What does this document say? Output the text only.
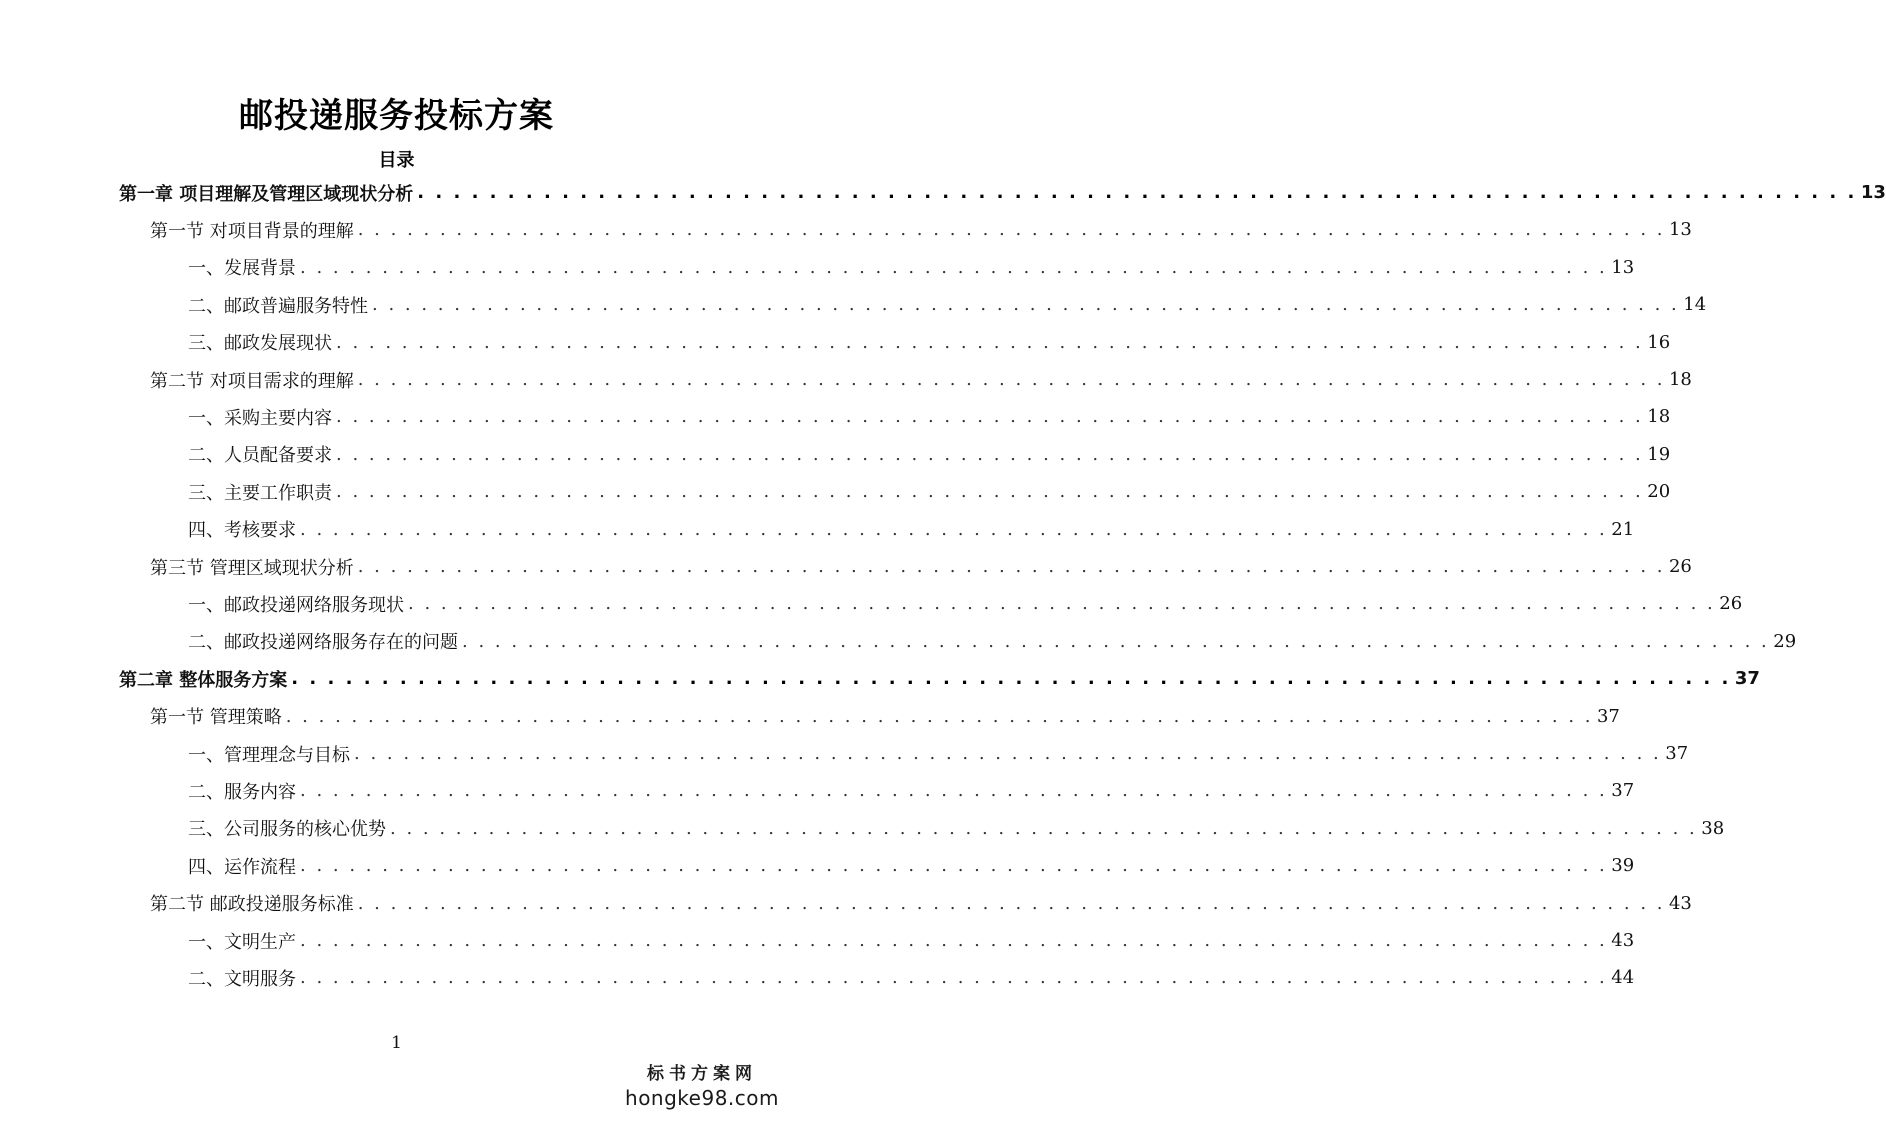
邮投递服务投标方案
目录
第一章 项目理解及管理区域现状分析 . . . . . . . . . . . . . . . . . . . . . . . . . . . . . . . . . . . . . . . . . . . . . . . . . . . . . . . . . . . . . . . . . . . . . . . . . . . . . . . . 13
第一节 对项目背景的理解 . . . . . . . . . . . . . . . . . . . . . . . . . . . . . . . . . . . . . . . . . . . . . . . . . . . . . . . . . . . . . . . . . . . . . . . . . . . . . . . . 13
一、发展背景 . . . . . . . . . . . . . . . . . . . . . . . . . . . . . . . . . . . . . . . . . . . . . . . . . . . . . . . . . . . . . . . . . . . . . . . . . . . . . . . . 13
二、邮政普遍服务特性 . . . . . . . . . . . . . . . . . . . . . . . . . . . . . . . . . . . . . . . . . . . . . . . . . . . . . . . . . . . . . . . . . . . . . . . . . . . . . . . . 14
三、邮政发展现状 . . . . . . . . . . . . . . . . . . . . . . . . . . . . . . . . . . . . . . . . . . . . . . . . . . . . . . . . . . . . . . . . . . . . . . . . . . . . . . . . 16
第二节 对项目需求的理解 . . . . . . . . . . . . . . . . . . . . . . . . . . . . . . . . . . . . . . . . . . . . . . . . . . . . . . . . . . . . . . . . . . . . . . . . . . . . . . . . 18
一、采购主要内容 . . . . . . . . . . . . . . . . . . . . . . . . . . . . . . . . . . . . . . . . . . . . . . . . . . . . . . . . . . . . . . . . . . . . . . . . . . . . . . . . 18
二、人员配备要求 . . . . . . . . . . . . . . . . . . . . . . . . . . . . . . . . . . . . . . . . . . . . . . . . . . . . . . . . . . . . . . . . . . . . . . . . . . . . . . . . 19
三、主要工作职责 . . . . . . . . . . . . . . . . . . . . . . . . . . . . . . . . . . . . . . . . . . . . . . . . . . . . . . . . . . . . . . . . . . . . . . . . . . . . . . . . 20
四、考核要求 . . . . . . . . . . . . . . . . . . . . . . . . . . . . . . . . . . . . . . . . . . . . . . . . . . . . . . . . . . . . . . . . . . . . . . . . . . . . . . . . 21
第三节 管理区域现状分析 . . . . . . . . . . . . . . . . . . . . . . . . . . . . . . . . . . . . . . . . . . . . . . . . . . . . . . . . . . . . . . . . . . . . . . . . . . . . . . . . 26
一、邮政投递网络服务现状 . . . . . . . . . . . . . . . . . . . . . . . . . . . . . . . . . . . . . . . . . . . . . . . . . . . . . . . . . . . . . . . . . . . . . . . . . . . . . . . . 26
二、邮政投递网络服务存在的问题 . . . . . . . . . . . . . . . . . . . . . . . . . . . . . . . . . . . . . . . . . . . . . . . . . . . . . . . . . . . . . . . . . . . . . . . . . . . . . . . . 29
第二章 整体服务方案 . . . . . . . . . . . . . . . . . . . . . . . . . . . . . . . . . . . . . . . . . . . . . . . . . . . . . . . . . . . . . . . . . . . . . . . . . . . . . . . . 37
第一节 管理策略 . . . . . . . . . . . . . . . . . . . . . . . . . . . . . . . . . . . . . . . . . . . . . . . . . . . . . . . . . . . . . . . . . . . . . . . . . . . . . . . . 37
一、管理理念与目标 . . . . . . . . . . . . . . . . . . . . . . . . . . . . . . . . . . . . . . . . . . . . . . . . . . . . . . . . . . . . . . . . . . . . . . . . . . . . . . . . 37
二、服务内容 . . . . . . . . . . . . . . . . . . . . . . . . . . . . . . . . . . . . . . . . . . . . . . . . . . . . . . . . . . . . . . . . . . . . . . . . . . . . . . . . 37
三、公司服务的核心优势 . . . . . . . . . . . . . . . . . . . . . . . . . . . . . . . . . . . . . . . . . . . . . . . . . . . . . . . . . . . . . . . . . . . . . . . . . . . . . . . . 38
四、运作流程 . . . . . . . . . . . . . . . . . . . . . . . . . . . . . . . . . . . . . . . . . . . . . . . . . . . . . . . . . . . . . . . . . . . . . . . . . . . . . . . . 39
第二节 邮政投递服务标准 . . . . . . . . . . . . . . . . . . . . . . . . . . . . . . . . . . . . . . . . . . . . . . . . . . . . . . . . . . . . . . . . . . . . . . . . . . . . . . . . 43
一、文明生产 . . . . . . . . . . . . . . . . . . . . . . . . . . . . . . . . . . . . . . . . . . . . . . . . . . . . . . . . . . . . . . . . . . . . . . . . . . . . . . . . 43
二、文明服务 . . . . . . . . . . . . . . . . . . . . . . . . . . . . . . . . . . . . . . . . . . . . . . . . . . . . . . . . . . . . . . . . . . . . . . . . . . . . . . . . 44
1
标书方案网
hongke98.com
